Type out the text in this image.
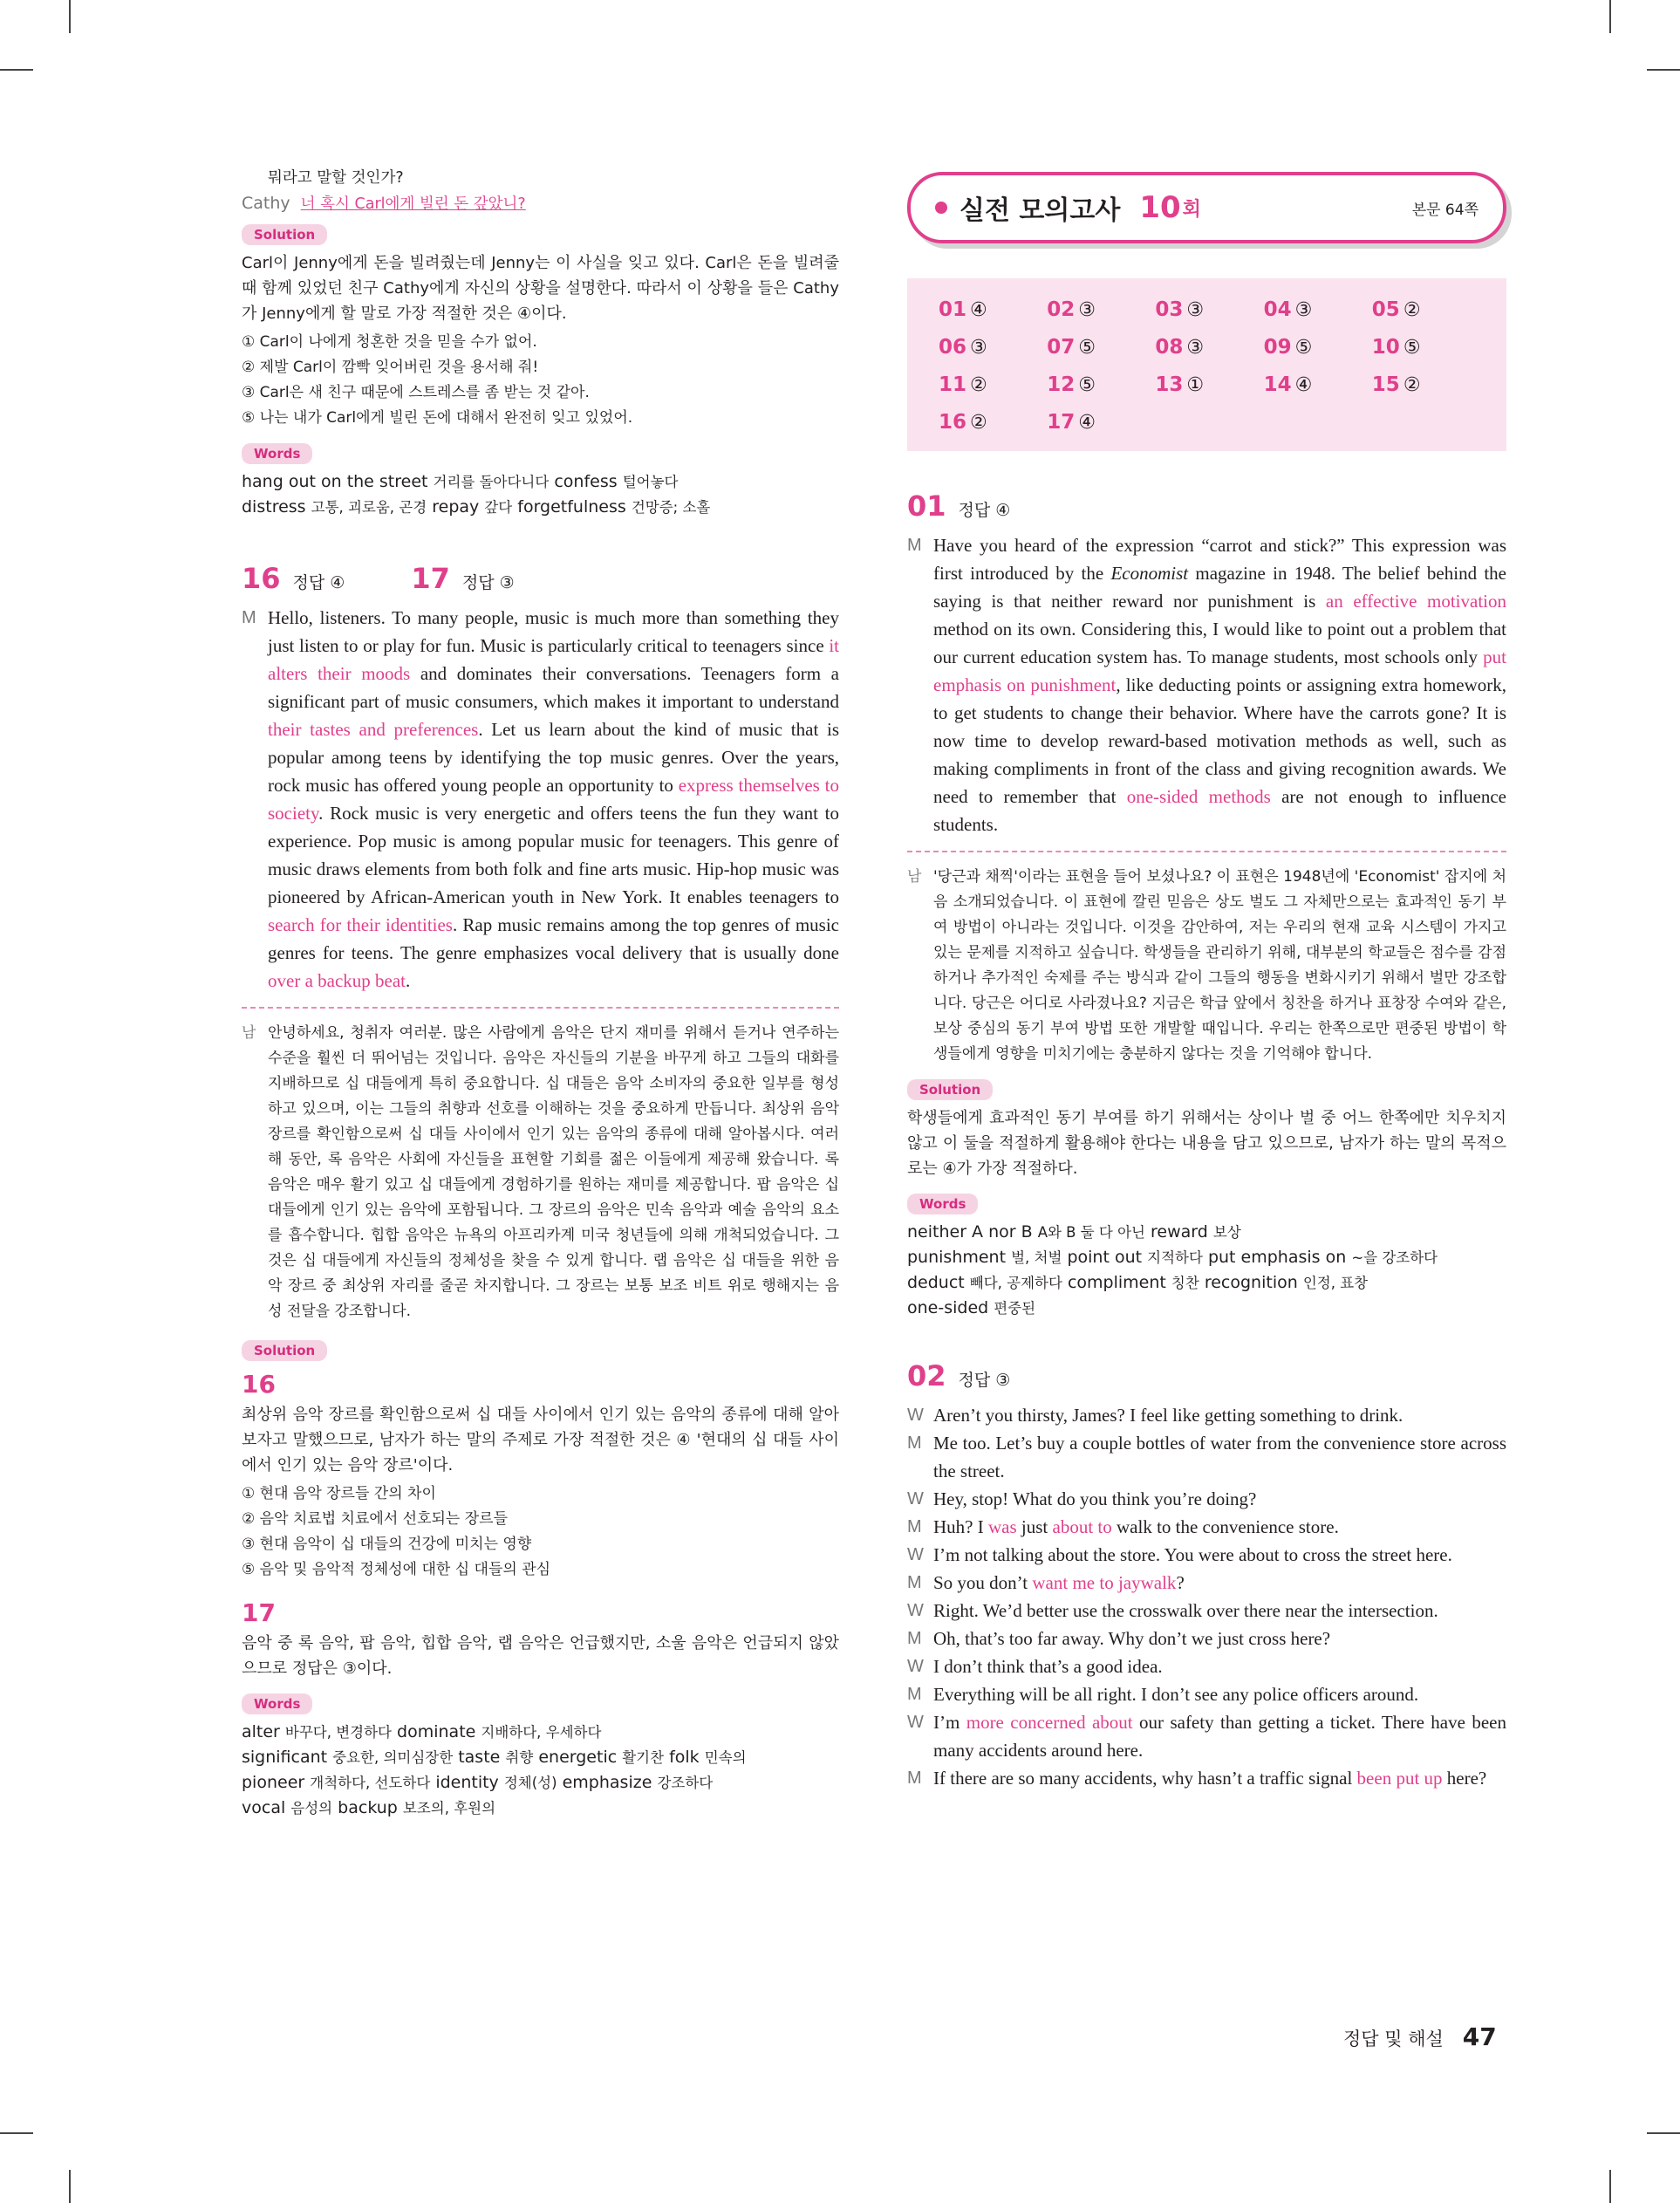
뭐라고 말할 것인가?

Cathy 너 혹시 Carl에게 빌린 돈 갚았니?

Solution

Carl이 Jenny에게 돈을 빌려줬는데 Jenny는 이 사실을 잊고 있다. Carl은 돈을 빌려줄 때 함께 있었던 친구 Cathy에게 자신의 상황을 설명한다. 따라서 이 상황을 들은 Cathy가 Jenny에게 할 말로 가장 적절한 것은 ④이다.

① Carl이 나에게 청혼한 것을 믿을 수가 없어.

② 제발 Carl이 깜빡 잊어버린 것을 용서해 줘!

③ Carl은 새 친구 때문에 스트레스를 좀 받는 것 같아.

⑤ 나는 내가 Carl에게 빌린 돈에 대해서 완전히 잊고 있었어.

Words

hang out on the street 거리를 돌아다니다 confess 털어놓다

distress 고통, 괴로움, 곤경 repay 갚다 forgetfulness 건망증; 소홀

16 정답 ④ 17 정답 ③
M Hello, listeners. To many people, music is much more than something they just listen to or play for fun. Music is particularly critical to teenagers since it alters their moods and dominates their conversations. Teenagers form a significant part of music consumers, which makes it important to understand their tastes and preferences. Let us learn about the kind of music that is popular among teens by identifying the top music genres. Over the years, rock music has offered young people an opportunity to express themselves to society. Rock music is very energetic and offers teens the fun they want to experience. Pop music is among popular music for teenagers. This genre of music draws elements from both folk and fine arts music. Hip-hop music was pioneered by African-American youth in New York. It enables teenagers to search for their identities. Rap music remains among the top genres of music genres for teens. The genre emphasizes vocal delivery that is usually done over a backup beat.
남 안녕하세요, 청취자 여러분. 많은 사람에게 음악은 단지 재미를 위해서 듣거나 연주하는 수준을 훨씬 더 뛰어넘는 것입니다. 음악은 자신들의 기분을 바꾸게 하고 그들의 대화를 지배하므로 십 대들에게 특히 중요합니다. 십 대들은 음악 소비자의 중요한 일부를 형성하고 있으며, 이는 그들의 취향과 선호를 이해하는 것을 중요하게 만듭니다. 최상위 음악 장르를 확인함으로써 십 대들 사이에서 인기 있는 음악의 종류에 대해 알아봅시다. 여러 해 동안, 록 음악은 사회에 자신들을 표현할 기회를 젊은 이들에게 제공해 왔습니다. 록 음악은 매우 활기 있고 십 대들에게 경험하기를 원하는 재미를 제공합니다. 팝 음악은 십 대들에게 인기 있는 음악에 포함됩니다. 그 장르의 음악은 민속 음악과 예술 음악의 요소를 흡수합니다. 힙합 음악은 뉴욕의 아프리카계 미국 청년들에 의해 개척되었습니다. 그것은 십 대들에게 자신들의 정체성을 찾을 수 있게 합니다. 랩 음악은 십 대들을 위한 음악 장르 중 최상위 자리를 줄곧 차지합니다. 그 장르는 보통 보조 비트 위로 행해지는 음성 전달을 강조합니다.
Solution
16

최상위 음악 장르를 확인함으로써 십 대들 사이에서 인기 있는 음악의 종류에 대해 알아보자고 말했으므로, 남자가 하는 말의 주제로 가장 적절한 것은 ④ '현대의 십 대들 사이에서 인기 있는 음악 장르'이다.

① 현대 음악 장르들 간의 차이

② 음악 치료법 치료에서 선호되는 장르들

③ 현대 음악이 십 대들의 건강에 미치는 영향

⑤ 음악 및 음악적 정체성에 대한 십 대들의 관심

17

음악 중 록 음악, 팝 음악, 힙합 음악, 랩 음악은 언급했지만, 소울 음악은 언급되지 않았으므로 정답은 ③이다.

Words

alter 바꾸다, 변경하다 dominate 지배하다, 우세하다

significant 중요한, 의미심장한 taste 취향 energetic 활기찬 folk 민속의

pioneer 개척하다, 선도하다 identity 정체(성) emphasize 강조하다

vocal 음성의 backup 보조의, 후원의

실전 모의고사 10 회	본문 64쪽
01 ④	02 ③	03 ③	04 ③	05 ②
06 ③	07 ⑤	08 ③	09 ⑤	10 ⑤
11 ②	12 ⑤	13 ①	14 ④	15 ②
16 ②	17 ④
01 정답 ④
M Have you heard of the expression “carrot and stick?” This expression was first introduced by the Economist magazine in 1948. The belief behind the saying is that neither reward nor punishment is an effective motivation method on its own. Considering this, I would like to point out a problem that our current education system has. To manage students, most schools only put emphasis on punishment, like deducting points or assigning extra homework, to get students to change their behavior. Where have the carrots gone? It is now time to develop reward-based motivation methods as well, such as making compliments in front of the class and giving recognition awards. We need to remember that one-sided methods are not enough to influence students.
남 '당근과 채찍'이라는 표현을 들어 보셨나요? 이 표현은 1948년에 'Economist' 잡지에 처음 소개되었습니다. 이 표현에 깔린 믿음은 상도 벌도 그 자체만으로는 효과적인 동기 부여 방법이 아니라는 것입니다. 이것을 감안하여, 저는 우리의 현재 교육 시스템이 가지고 있는 문제를 지적하고 싶습니다. 학생들을 관리하기 위해, 대부분의 학교들은 점수를 감점하거나 추가적인 숙제를 주는 방식과 같이 그들의 행동을 변화시키기 위해서 벌만 강조합니다. 당근은 어디로 사라졌나요? 지금은 학급 앞에서 칭찬을 하거나 표창장 수여와 같은, 보상 중심의 동기 부여 방법 또한 개발할 때입니다. 우리는 한쪽으로만 편중된 방법이 학생들에게 영향을 미치기에는 충분하지 않다는 것을 기억해야 합니다.
Solution

학생들에게 효과적인 동기 부여를 하기 위해서는 상이나 벌 중 어느 한쪽에만 치우치지 않고 이 둘을 적절하게 활용해야 한다는 내용을 담고 있으므로, 남자가 하는 말의 목적으로는 ④가 가장 적절하다.

Words

neither A nor B A와 B 둘 다 아닌 reward 보상

punishment 벌, 처벌 point out 지적하다 put emphasis on ~을 강조하다

deduct 빼다, 공제하다 compliment 칭찬 recognition 인정, 표창

one-sided 편중된

02 정답 ③
W Aren’t you thirsty, James? I feel like getting something to drink.
M Me too. Let’s buy a couple bottles of water from the convenience store across the street.
W Hey, stop! What do you think you’re doing?
M Huh? I was just about to walk to the convenience store.
W I’m not talking about the store. You were about to cross the street here.
M So you don’t want me to jaywalk?
W Right. We’d better use the crosswalk over there near the intersection.
M Oh, that’s too far away. Why don’t we just cross here?
W I don’t think that’s a good idea.
M Everything will be all right. I don’t see any police officers around.
W I’m more concerned about our safety than getting a ticket. There have been many accidents around here.
M If there are so many accidents, why hasn’t a traffic signal been put up here?
정답 및 해설 47
